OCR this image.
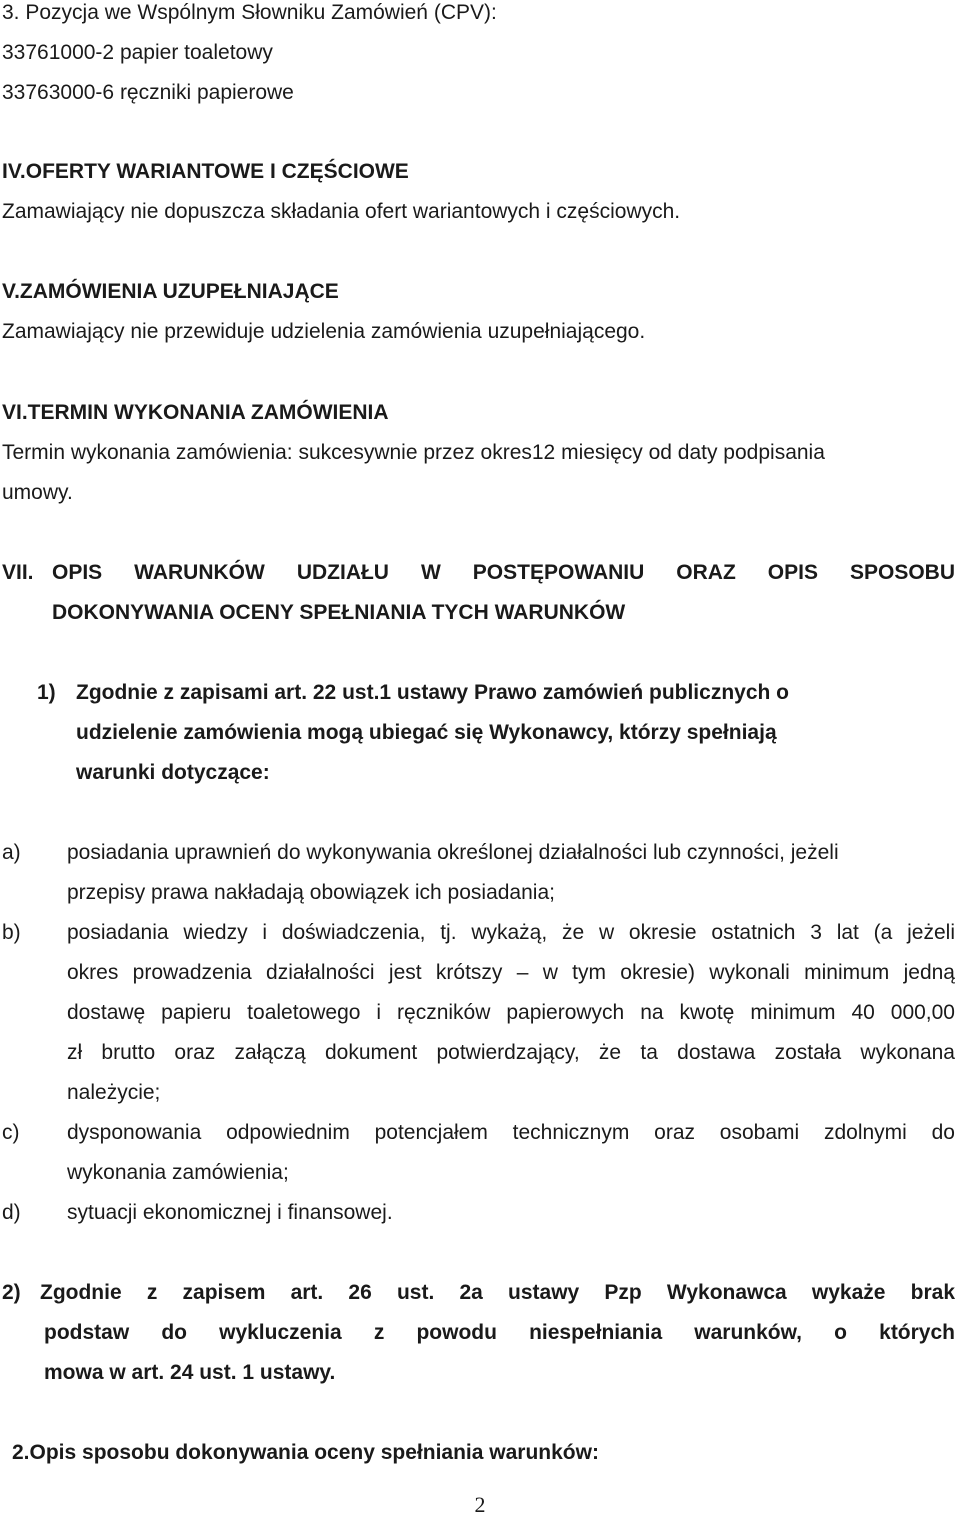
3. Pozycja we Wspólnym Słowniku Zamówień (CPV):
33761000-2 papier toaletowy
33763000-6 ręczniki papierowe
IV.OFERTY WARIANTOWE I CZĘŚCIOWE
Zamawiający nie dopuszcza składania ofert wariantowych i częściowych.
V.ZAMÓWIENIA UZUPEŁNIAJĄCE
Zamawiający nie przewiduje udzielenia zamówienia uzupełniającego.
VI.TERMIN WYKONANIA ZAMÓWIENIA
Termin wykonania zamówienia: sukcesywnie przez okres12 miesięcy od daty podpisania
umowy.
VII. OPIS WARUNKÓW UDZIAŁU W POSTĘPOWANIU ORAZ OPIS SPOSOBU
DOKONYWANIA OCENY SPEŁNIANIA TYCH WARUNKÓW
1) Zgodnie z zapisami art. 22 ust.1 ustawy Prawo zamówień publicznych o
udzielenie zamówienia mogą ubiegać się Wykonawcy, którzy spełniają
warunki dotyczące:
a) posiadania uprawnień do wykonywania określonej działalności lub czynności, jeżeli
przepisy prawa nakładają obowiązek ich posiadania;
b) posiadania wiedzy i doświadczenia, tj. wykażą, że w okresie ostatnich 3 lat (a jeżeli
okres prowadzenia działalności jest krótszy – w tym okresie) wykonali minimum jedną
dostawę papieru toaletowego i ręczników papierowych na kwotę minimum 40 000,00
zł brutto oraz załączą dokument potwierdzający, że ta dostawa została wykonana
należycie;
c) dysponowania odpowiednim potencjałem technicznym oraz osobami zdolnymi do
wykonania zamówienia;
d) sytuacji ekonomicznej i finansowej.
2) Zgodnie z zapisem art. 26 ust. 2a ustawy Pzp Wykonawca wykaże brak
podstaw do wykluczenia z powodu niespełniania warunków, o których
mowa w art. 24 ust. 1 ustawy.
2.Opis sposobu dokonywania oceny spełniania warunków:
2
